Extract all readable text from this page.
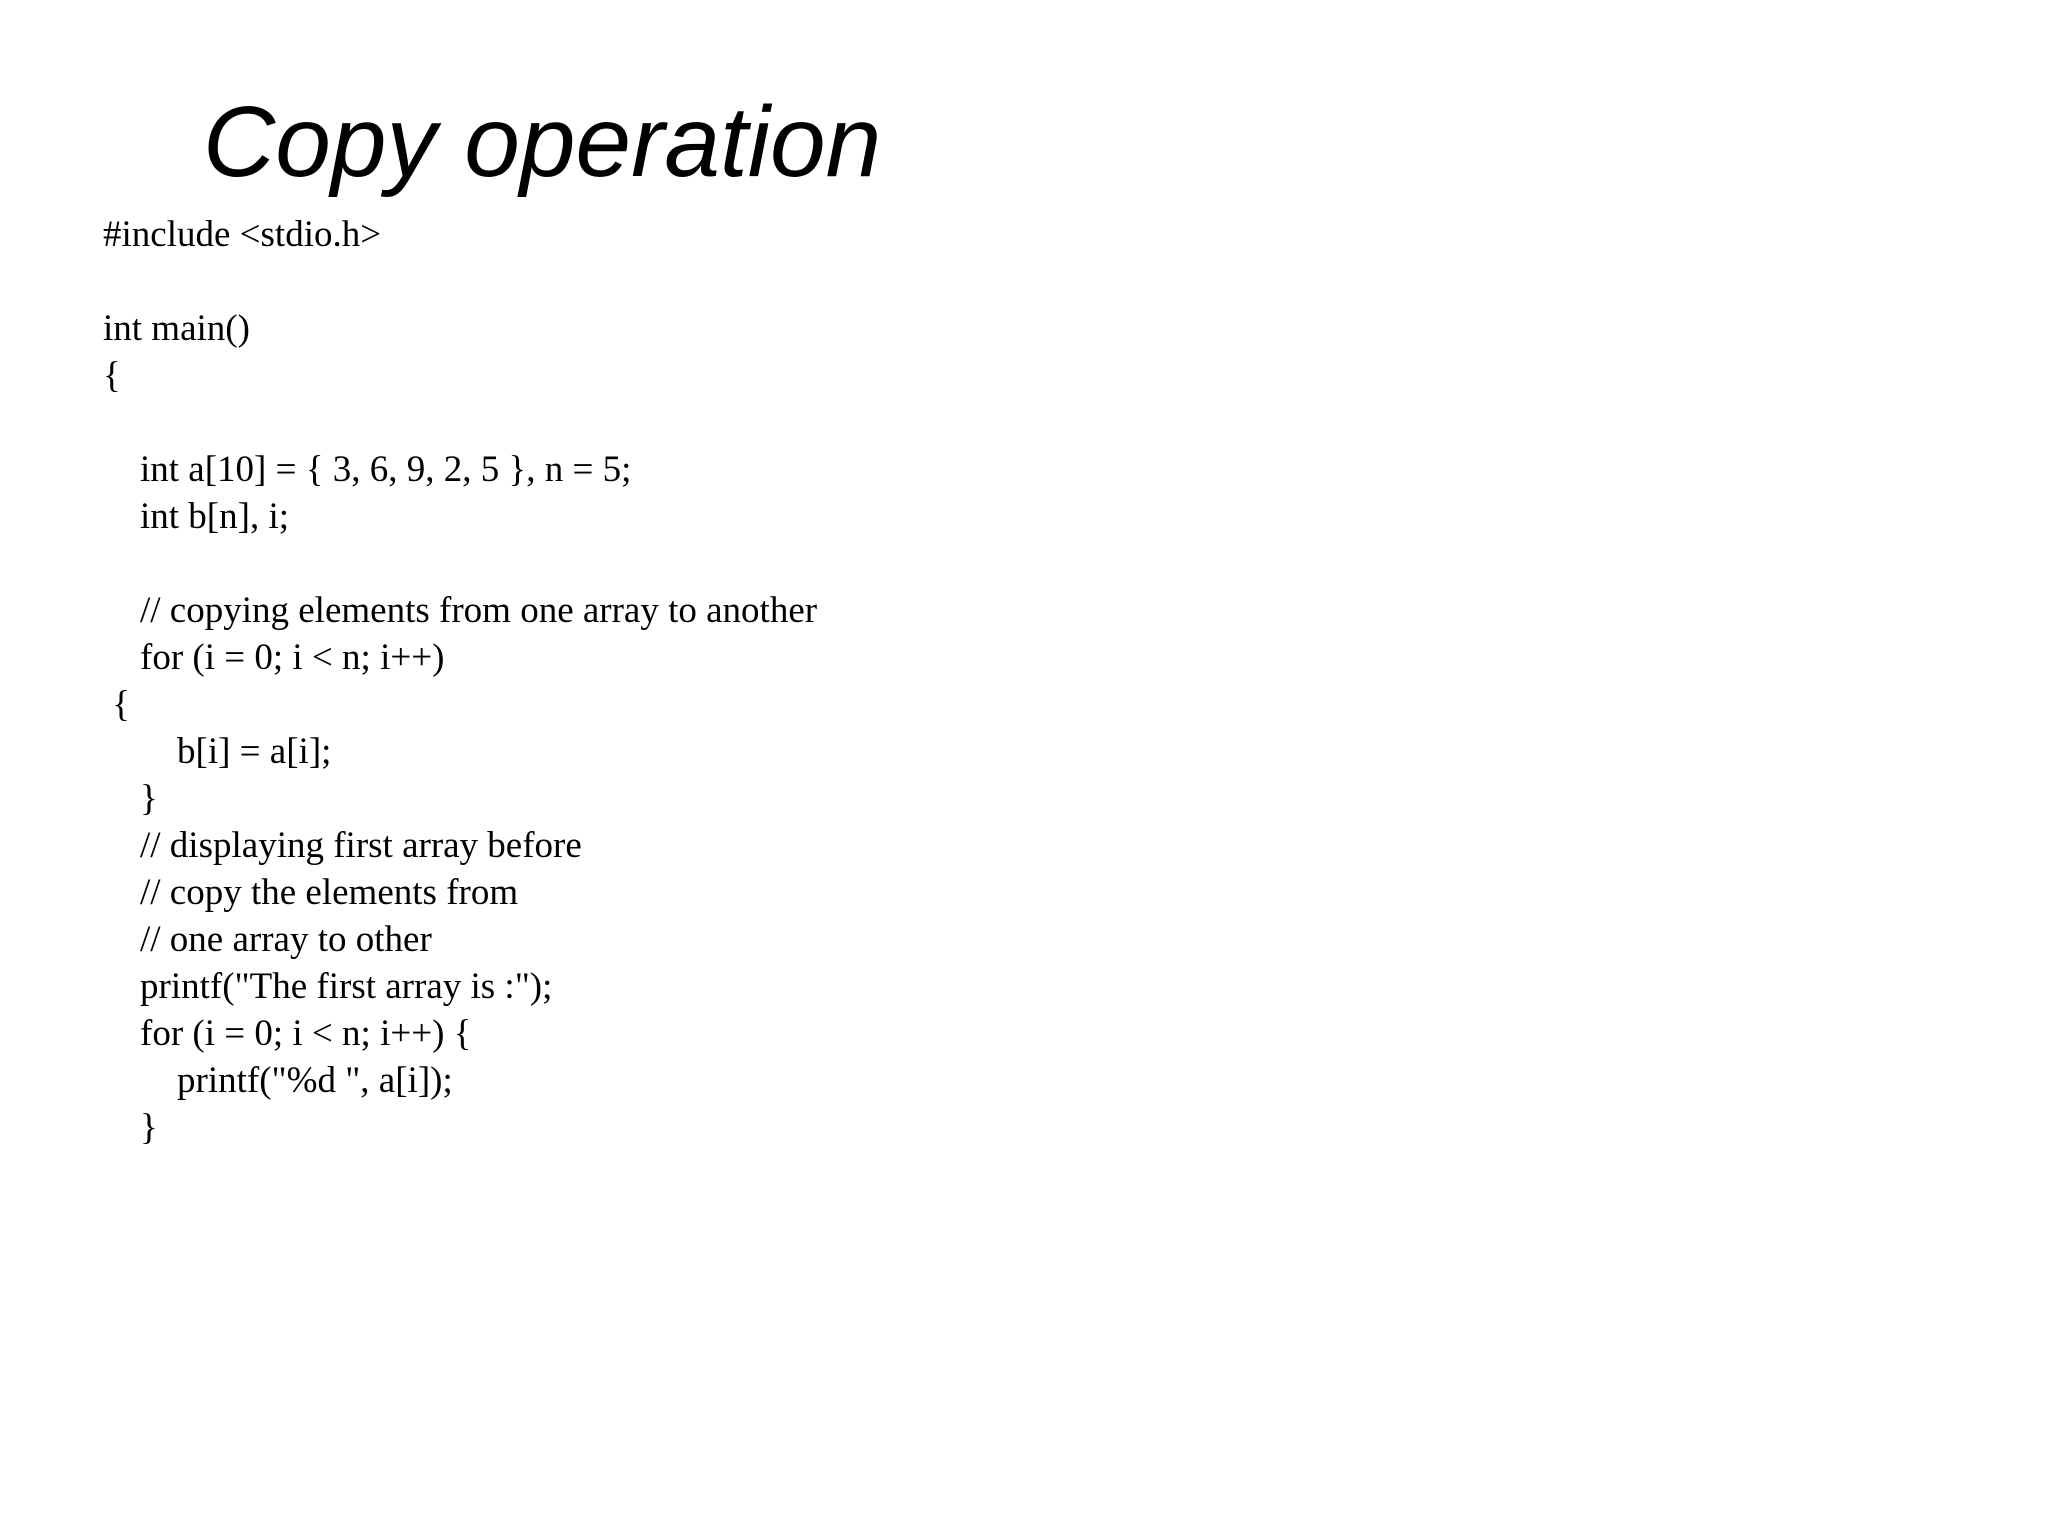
Copy operation
#include <stdio.h>
int main()
{
int a[10] = { 3, 6, 9, 2, 5 }, n = 5;
int b[n], i;
// copying elements from one array to another
for (i = 0; i < n; i++)
{
b[i] = a[i];
}
// displaying first array before
// copy the elements from
// one array to other
printf("The first array is :");
for (i = 0; i < n; i++) {
printf("%d ", a[i]);
}
